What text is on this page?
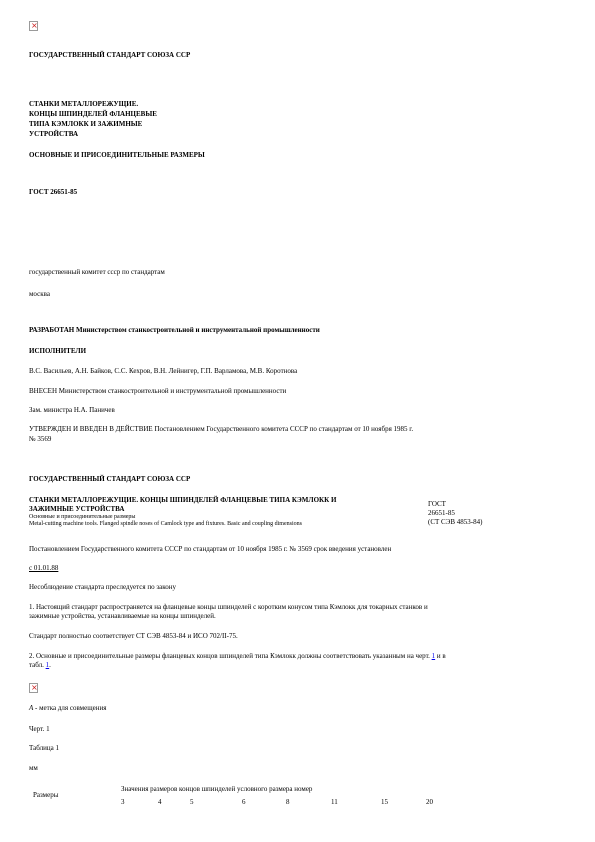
×
ГОСУДАРСТВЕННЫЙ СТАНДАРТ СОЮЗА ССР
СТАНКИ МЕТАЛЛОРЕЖУЩИЕ.
КОНЦЫ ШПИНДЕЛЕЙ ФЛАНЦЕВЫЕ
ТИПА КЭМЛОКК И ЗАЖИМНЫЕ
УСТРОЙСТВА
ОСНОВНЫЕ И ПРИСОЕДИНИТЕЛЬНЫЕ РАЗМЕРЫ
ГОСТ 26651-85
государственный комитет ссср по стандартам
москва
РАЗРАБОТАН Министерством станкостроительной и инструментальной промышленности
ИСПОЛНИТЕЛИ
В.С. Васильев, А.Н. Байков, С.С. Кехров, В.Н. Лейнигер, Г.П. Варламова, М.В. Коротнова
ВНЕСЕН Министерством станкостроительной и инструментальной промышленности
Зам. министра Н.А. Паничев
УТВЕРЖДЕН И ВВЕДЕН В ДЕЙСТВИЕ Постановлением Государственного комитета СССР по стандартам от 10 ноября 1985 г.
№ 3569
ГОСУДАРСТВЕННЫЙ СТАНДАРТ СОЮЗА ССР
СТАНКИ МЕТАЛЛОРЕЖУЩИЕ. КОНЦЫ ШПИНДЕЛЕЙ ФЛАНЦЕВЫЕ ТИПА КЭМЛОКК И
ЗАЖИМНЫЕ УСТРОЙСТВА
Основные и присоединительные размеры
Metal-cutting machine tools. Flanged spindle noses of Camlock type and fixtures. Basic and coupling dimensions
ГОСТ
26651-85
(СТ СЭВ 4853-84)
Постановлением Государственного комитета СССР по стандартам от 10 ноября 1985 г. № 3569 срок введения установлен
с 01.01.88
Несоблюдение стандарта преследуется по закону
1. Настоящий стандарт распространяется на фланцевые концы шпинделей с коротким конусом типа Кэмлокк для токарных станков и
зажимные устройства, устанавливаемые на концы шпинделей.
Стандарт полностью соответствует СТ СЭВ 4853-84 и ИСО 702/II-75.
2. Основные и присоединительные размеры фланцевых концов шпинделей типа Кэмлокк должны соответствовать указанным на черт. 1 и в
табл. 1.
×
А - метка для совмещения
Черт. 1
Таблица 1
мм
Размеры
Значения размеров концов шпинделей условного размера номер
3	4	5	6	8	11	15	20
